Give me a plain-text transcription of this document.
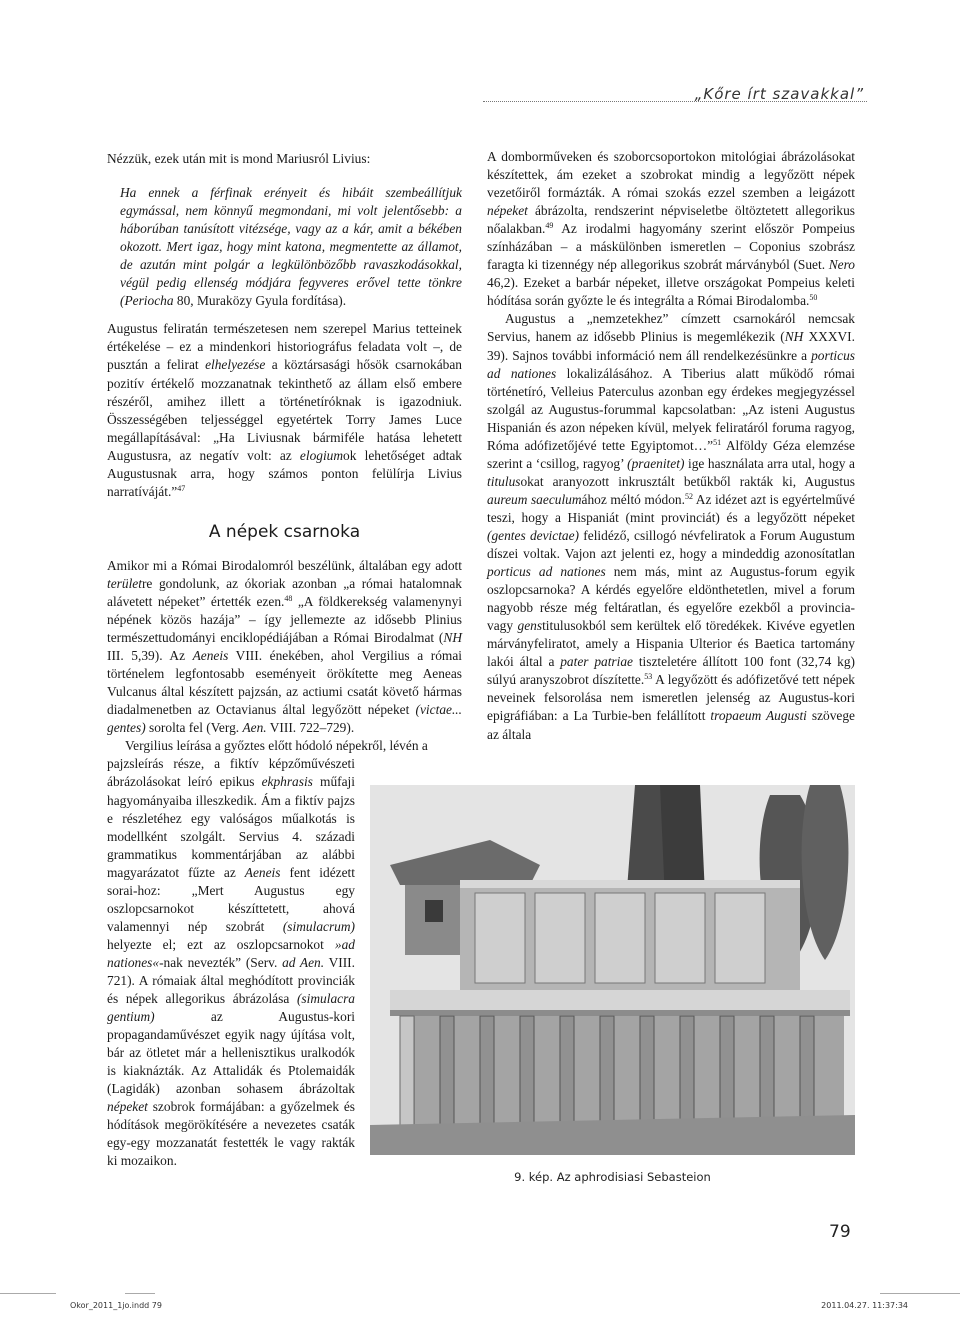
„Kőre írt szavakkal”

Nézzük, ezek után mit is mond Mariusról Livius:

Ha ennek a férfinak erényeit és hibáit szembeállítjuk egymással, nem könnyű megmondani, mi volt jelentősebb: a háborúban tanúsított vitézsége, vagy az a kár, amit a békében okozott. Mert igaz, hogy mint katona, megmentette az államot, de azután mint polgár a legkülönbözőbb ravaszkodásokkal, végül pedig ellenség módjára fegyveres erővel tette tönkre (Periocha 80, Muraközy Gyula fordítása).

Augustus feliratán természetesen nem szerepel Marius tetteinek értékelése – ez a mindenkori historiográfus feladata volt –, de pusztán a felirat elhelyezése a köztársasági hősök csarnokában pozitív értékelő mozzanatnak tekinthető az állam első embere részéről, amihez illett a történetíróknak is igazodniuk. Összességében teljességgel egyetértek Torry James Luce megállapításával: „Ha Liviusnak bármiféle hatása lehetett Augustusra, az negatív volt: az elogiumok lehetőséget adtak Augustusnak arra, hogy számos ponton felülírja Livius narratíváját.”$^{47}$

A népek csarnoka

Amikor mi a Római Birodalomról beszélünk, általában egy adott területre gondolunk, az ókoriak azonban „a római hatalomnak alávetett népeket” értették ezen.$^{48}$ „A földkerekség valamenynyi népének közös hazája” – így jellemezte az idősebb Plinius természettudományi enciklopédiájában a Római Birodalmat (NH III. 5,39). Az Aeneis VIII. énekében, ahol Vergilius a római történelem legfontosabb eseményeit örökítette meg Aeneas Vulcanus által készített pajzsán, az actiumi csatát követő hármas diadalmenetben az Octavianus által legyőzött népeket (victae... gentes) sorolta fel (Verg. Aen. VIII. 722–729).

Vergilius leírása a győztes előtt hódoló népekről, lévén a

pajzsleírás része, a fiktív képzőművészeti ábrázolásokat leíró epikus ekphrasis műfaji hagyományaiba illeszkedik. Ám a fiktív pajzs e részletéhez egy valóságos műalkotás is modellként szolgált. Servius 4. századi grammatikus kommentárjában az alábbi magyarázatot fűzte az Aeneis fent idézett sorai-hoz: „Mert Augustus egy oszlopcsarnokot készíttetett, ahová valamennyi nép szobrát (simulacrum) helyezte el; ezt az oszlopcsarnokot »ad nationes«-nak nevezték” (Serv. ad Aen. VIII. 721). A rómaiak által meghódított provinciák és népek allegorikus ábrázolása (simulacra gentium) az Augustus-kori propagandaművészet egyik nagy újítása volt, bár az ötletet már a hellenisztikus uralkodók is kiaknázták. Az Attalidák és Ptolemaidák (Lagidák) azonban sohasem ábrázoltak népeket szobrok formájában: a győzelmek és hódítások megörökítésére a nevezetes csaták egy-egy mozzanatát festették le vagy rakták ki mozaikon.

A domborműveken és szoborcsoportokon mitológiai ábrázolásokat készítettek, ám ezeket a szobrokat mindig a legyőzött népek vezetőiről formázták. A római szokás ezzel szemben a leigázott népeket ábrázolta, rendszerint népviseletbe öltöztetett allegorikus nőalakban.$^{49}$ Az irodalmi hagyomány szerint először Pompeius színházában – a máskülönben ismeretlen – Coponius szobrász faragta ki tizennégy nép allegorikus szobrát márványból (Suet. Nero 46,2). Ezeket a barbár népeket, illetve országokat Pompeius keleti hódítása során győzte le és integrálta a Római Birodalomba.$^{50}$

Augustus a „nemzetekhez” címzett csarnokáról nemcsak Servius, hanem az idősebb Plinius is megemlékezik (NH XXXVI. 39). Sajnos további információ nem áll rendelkezésünkre a porticus ad nationes lokalizálásához. A Tiberius alatt működő római történetíró, Velleius Paterculus azonban egy érdekes megjegyzéssel szolgál az Augustus-forummal kapcsolatban: „Az isteni Augustus Hispanián és azon népeken kívül, melyek feliratáról foruma ragyog, Róma adófizetőjévé tette Egyiptomot…”$^{51}$ Alföldy Géza elemzése szerint a ‘csillog, ragyog’ (praenitet) ige használata arra utal, hogy a titulusokat aranyozott inkrusztált betűkből rakták ki, Augustus aureum saeculumához méltó módon.$^{52}$ Az idézet azt is egyértelművé teszi, hogy a Hispaniát (mint provinciát) és a legyőzött népeket (gentes devictae) felidéző, csillogó névfeliratok a Forum Augustum díszei voltak. Vajon azt jelenti ez, hogy a mindeddig azonosítatlan porticus ad nationes nem más, mint az Augustus-forum egyik oszlopcsarnoka? A kérdés egyelőre eldönthetetlen, mivel a forum nagyobb része még feltáratlan, és egyelőre ezekből a provincia- vagy genstitulusokból sem kerültek elő töredékek. Kivéve egyetlen márványfeliratot, amely a Hispania Ulterior és Baetica tartomány lakói által a pater patriae tiszteletére állított 100 font (32,74 kg) súlyú aranyszobrot díszítette.$^{53}$ A legyőzött és adófizetővé tett népek neveinek felsorolása nem ismeretlen jelenség az Augustus-kori epigráfiában: a La Turbie-ben felállított tropaeum Augusti szövege az általa

9. kép. Az aphrodisiasi Sebasteion
79
Okor_2011_1jo.indd 79	2011.04.27. 11:37:34
